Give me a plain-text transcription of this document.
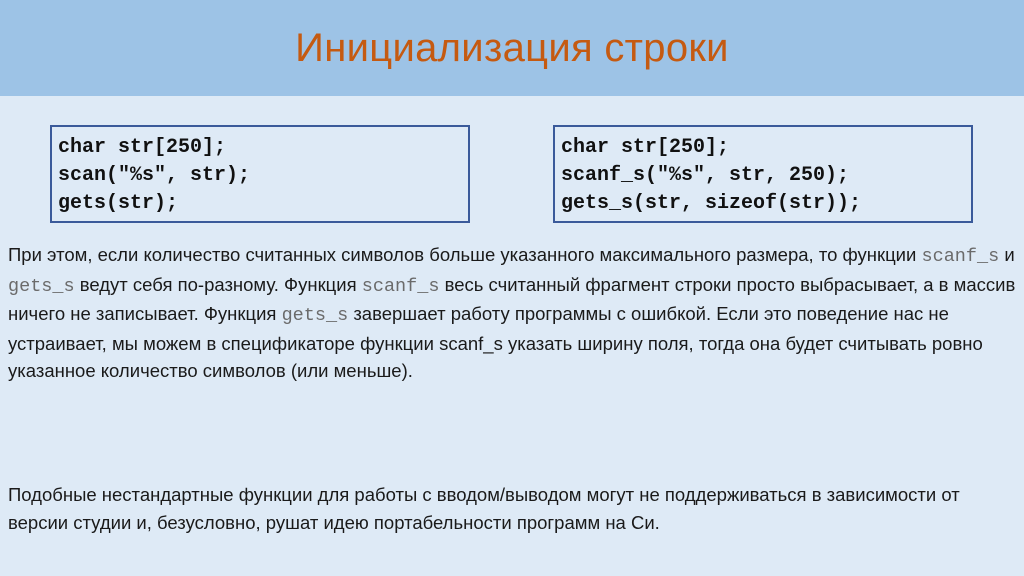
Инициализация строки
char str[250];
scan("%s", str);
gets(str);
char str[250];
scanf_s("%s", str, 250);
gets_s(str, sizeof(str));

При этом, если количество считанных символов больше указанного максимального размера, то функции scanf_s и gets_s ведут себя по-разному. Функция scanf_s весь считанный фрагмент строки просто выбрасывает, а в массив ничего не записывает. Функция gets_s завершает работу программы с ошибкой. Если это поведение нас не устраивает, мы можем в спецификаторе функции scanf_s указать ширину поля, тогда она будет считывать ровно указанное количество символов (или меньше).

Подобные нестандартные функции для работы с вводом/выводом могут не поддерживаться в зависимости от версии студии и, безусловно, рушат идею портабельности программ на Си.
